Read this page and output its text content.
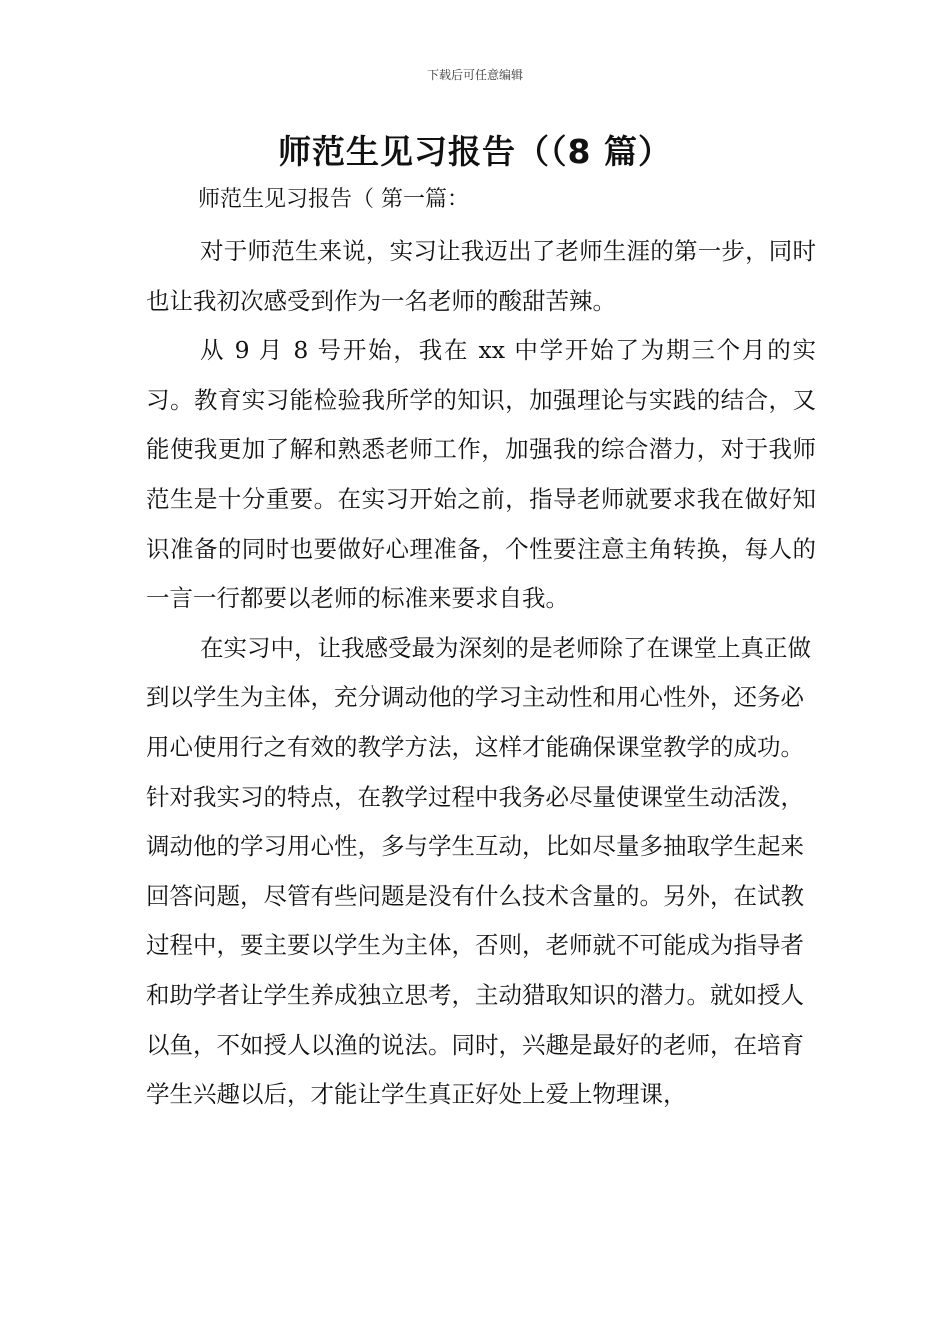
下载后可任意编辑
师范生见习报告（（8 篇）
师范生见习报告（ 第一篇：

对于师范生来说，实习让我迈出了老师生涯的第一步，同时也让我初次感受到作为一名老师的酸甜苦辣。

从 9 月 8 号开始，我在 xx 中学开始了为期三个月的实习。教育实习能检验我所学的知识，加强理论与实践的结合，又能使我更加了解和熟悉老师工作，加强我的综合潜力，对于我师范生是十分重要。在实习开始之前，指导老师就要求我在做好知识准备的同时也要做好心理准备，个性要注意主角转换，每人的一言一行都要以老师的标准来要求自我。

在实习中，让我感受最为深刻的是老师除了在课堂上真正做到以学生为主体，充分调动他的学习主动性和用心性外，还务必用心使用行之有效的教学方法，这样才能确保课堂教学的成功。针对我实习的特点，在教学过程中我务必尽量使课堂生动活泼，调动他的学习用心性，多与学生互动，比如尽量多抽取学生起来回答问题，尽管有些问题是没有什么技术含量的。另外，在试教过程中，要主要以学生为主体，否则，老师就不可能成为指导者和助学者让学生养成独立思考，主动猎取知识的潜力。就如授人以鱼，不如授人以渔的说法。同时，兴趣是最好的老师，在培育学生兴趣以后，才能让学生真正好处上爱上物理课，
